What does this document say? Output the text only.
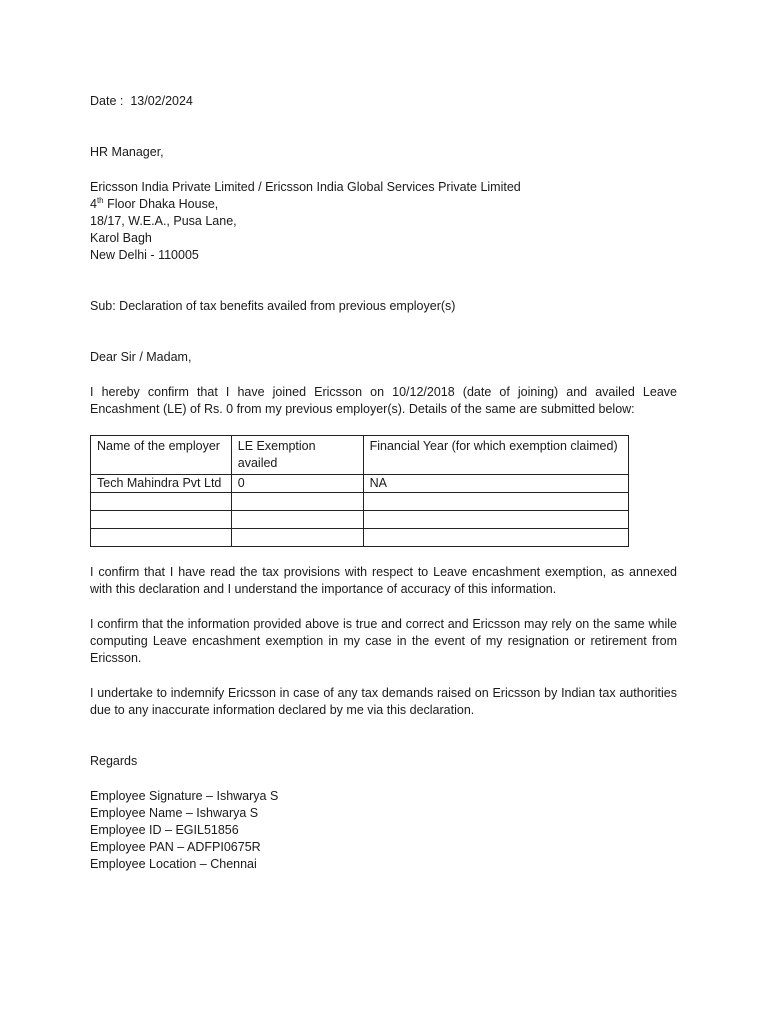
Date : 13/02/2024

HR Manager,

Ericsson India Private Limited / Ericsson India Global Services Private Limited

4th Floor Dhaka House,

18/17, W.E.A., Pusa Lane,

Karol Bagh

New Delhi - 110005

Sub: Declaration of tax benefits availed from previous employer(s)

Dear Sir / Madam,

I hereby confirm that I have joined Ericsson on 10/12/2018 (date of joining) and availed Leave Encashment (LE) of Rs. 0 from my previous employer(s). Details of the same are submitted below:

Name of the employer	LE Exemption availed	Financial Year (for which exemption claimed)
Tech Mahindra Pvt Ltd	0	NA

I confirm that I have read the tax provisions with respect to Leave encashment exemption, as annexed with this declaration and I understand the importance of accuracy of this information.

I confirm that the information provided above is true and correct and Ericsson may rely on the same while computing Leave encashment exemption in my case in the event of my resignation or retirement from Ericsson.

I undertake to indemnify Ericsson in case of any tax demands raised on Ericsson by Indian tax authorities due to any inaccurate information declared by me via this declaration.

Regards

Employee Signature – Ishwarya S

Employee Name – Ishwarya S

Employee ID – EGIL51856

Employee PAN – ADFPI0675R

Employee Location – Chennai
